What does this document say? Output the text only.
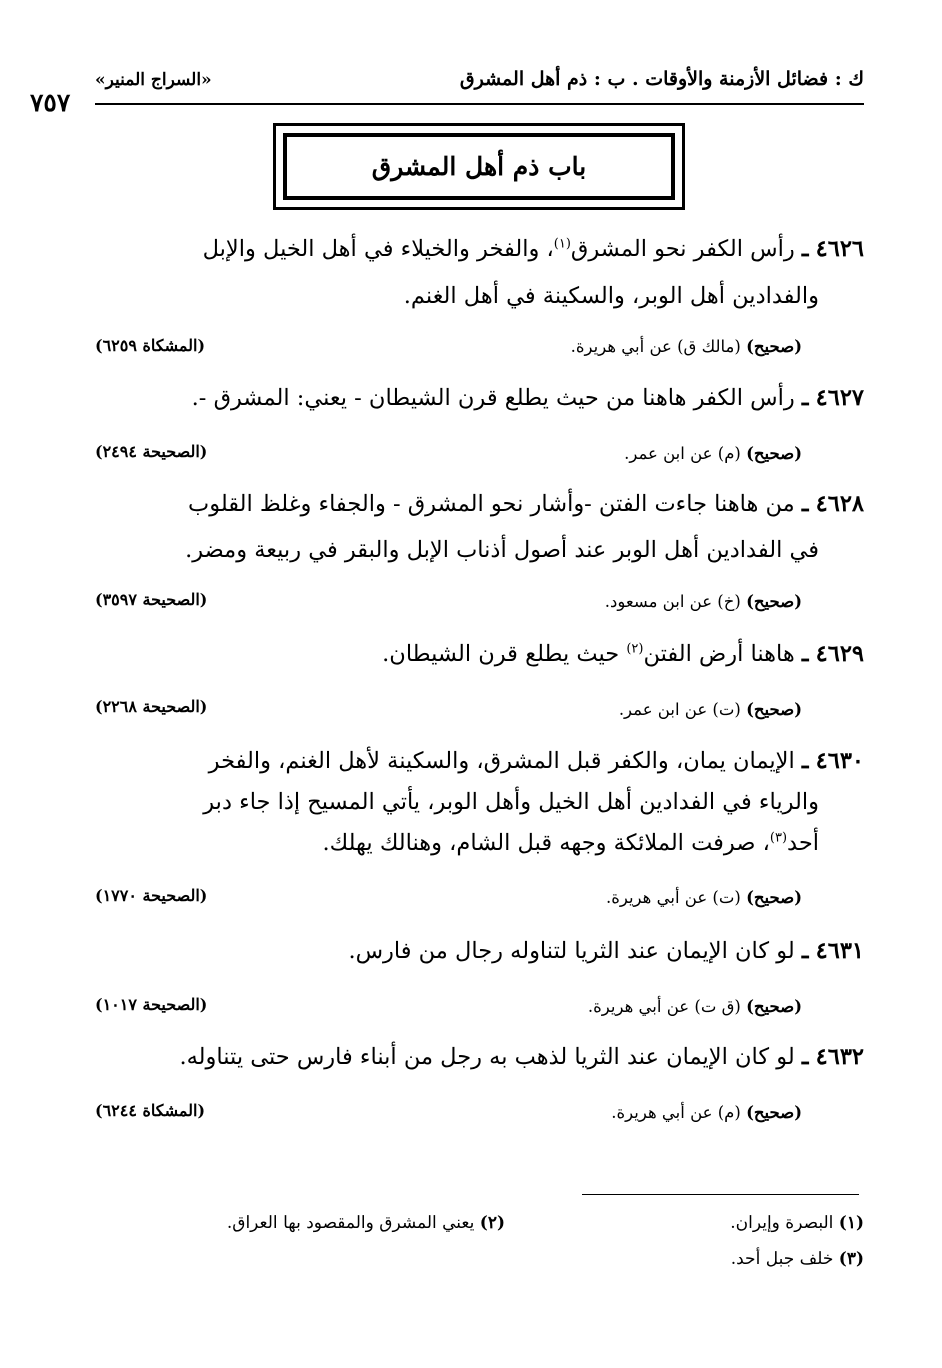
ك : فضائل الأزمنة والأوقات . ب : ذم أهل المشرق
«السراج المنير»
٧٥٧
باب ذم أهل المشرق
٤٦٢٦ ـ رأس الكفر نحو المشرق$^{(١)}$، والفخر والخيلاء في أهل الخيل والإبل
والفدادين أهل الوبر، والسكينة في أهل الغنم.
(صحيح) (مالك ق) عن أبي هريرة.
(المشكاة ٦٢٥٩)
٤٦٢٧ ـ رأس الكفر هاهنا من حيث يطلع قرن الشيطان - يعني: المشرق -.
(صحيح) (م) عن ابن عمر.
(الصحيحة ٢٤٩٤)
٤٦٢٨ ـ من هاهنا جاءت الفتن -وأشار نحو المشرق - والجفاء وغلظ القلوب
في الفدادين أهل الوبر عند أصول أذناب الإبل والبقر في ربيعة ومضر.
(صحيح) (خ) عن ابن مسعود.
(الصحيحة ٣٥٩٧)
٤٦٢٩ ـ هاهنا أرض الفتن$^{(٢)}$ حيث يطلع قرن الشيطان.
(صحيح) (ت) عن ابن عمر.
(الصحيحة ٢٢٦٨)
٤٦٣٠ ـ الإيمان يمان، والكفر قبل المشرق، والسكينة لأهل الغنم، والفخر
والرياء في الفدادين أهل الخيل وأهل الوبر، يأتي المسيح إذا جاء دبر
أحد$^{(٣)}$، صرفت الملائكة وجهه قبل الشام، وهنالك يهلك.
(صحيح) (ت) عن أبي هريرة.
(الصحيحة ١٧٧٠)
٤٦٣١ ـ لو كان الإيمان عند الثريا لتناوله رجال من فارس.
(صحيح) (ق ت) عن أبي هريرة.
(الصحيحة ١٠١٧)
٤٦٣٢ ـ لو كان الإيمان عند الثريا لذهب به رجل من أبناء فارس حتى يتناوله.
(صحيح) (م) عن أبي هريرة.
(المشكاة ٦٢٤٤)
(١) البصرة وإيران.
(٢) يعني المشرق والمقصود بها العراق.
(٣) خلف جبل أحد.
